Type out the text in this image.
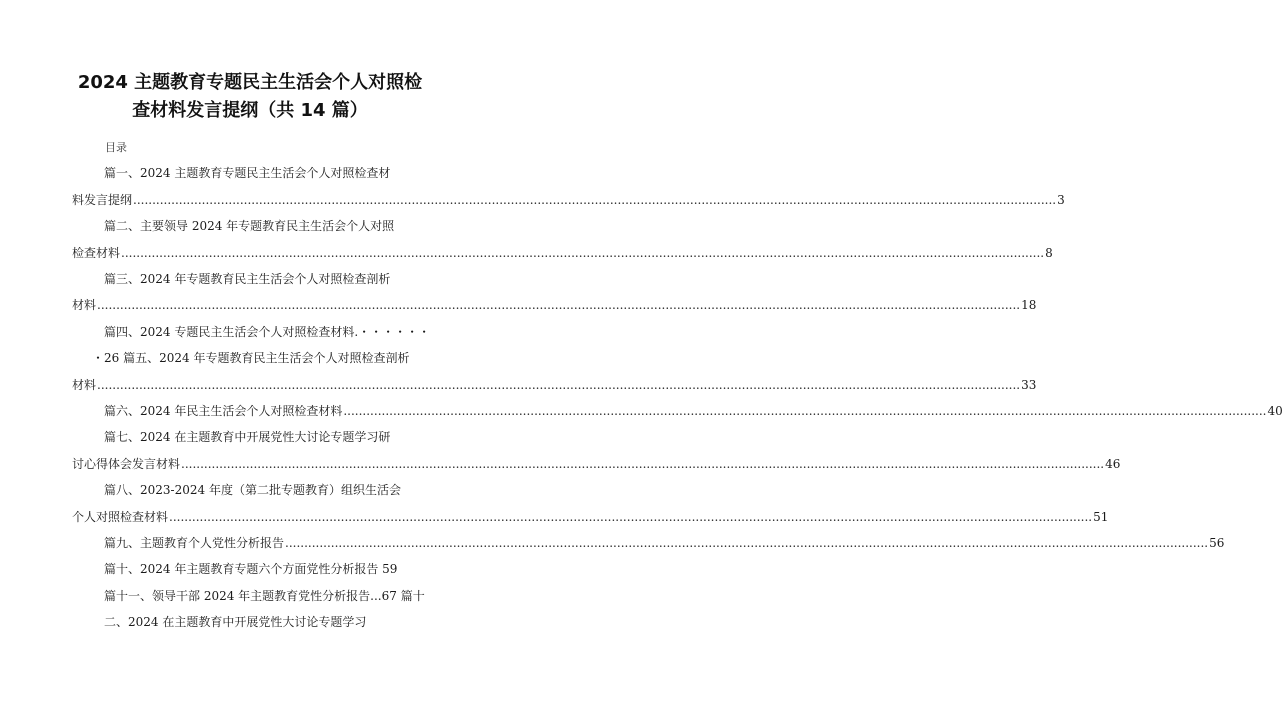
2024 主题教育专题民主生活会个人对照检
查材料发言提纲（共 14 篇）
目录
篇一、2024 主题教育专题民主生活会个人对照检查材
料发言提纲 .................................................................................................................................................................................................................................................. 3
篇二、主要领导 2024 年专题教育民主生活会个人对照
检查材料 .................................................................................................................................................................................................................................................. 8
篇三、2024 年专题教育民主生活会个人对照检查剖析
材料 .................................................................................................................................................................................................................................................. 18
篇四、2024 专题民主生活会个人对照检查材料.・・・・・・
・26 篇五、2024 年专题教育民主生活会个人对照检查剖析
材料 .................................................................................................................................................................................................................................................. 33
篇六、2024 年民主生活会个人对照检查材料 .................................................................................................................................................................................................................................................. 40
篇七、2024 在主题教育中开展党性大讨论专题学习研
讨心得体会发言材料 .................................................................................................................................................................................................................................................. 46
篇八、2023-2024 年度（第二批专题教育）组织生活会
个人对照检查材料 .................................................................................................................................................................................................................................................. 51
篇九、主题教育个人党性分析报告 .................................................................................................................................................................................................................................................. 56
篇十、2024 年主题教育专题六个方面党性分析报告 59
篇十一、领导干部 2024 年主题教育党性分析报告...67 篇十
二、2024 在主题教育中开展党性大讨论专题学习
